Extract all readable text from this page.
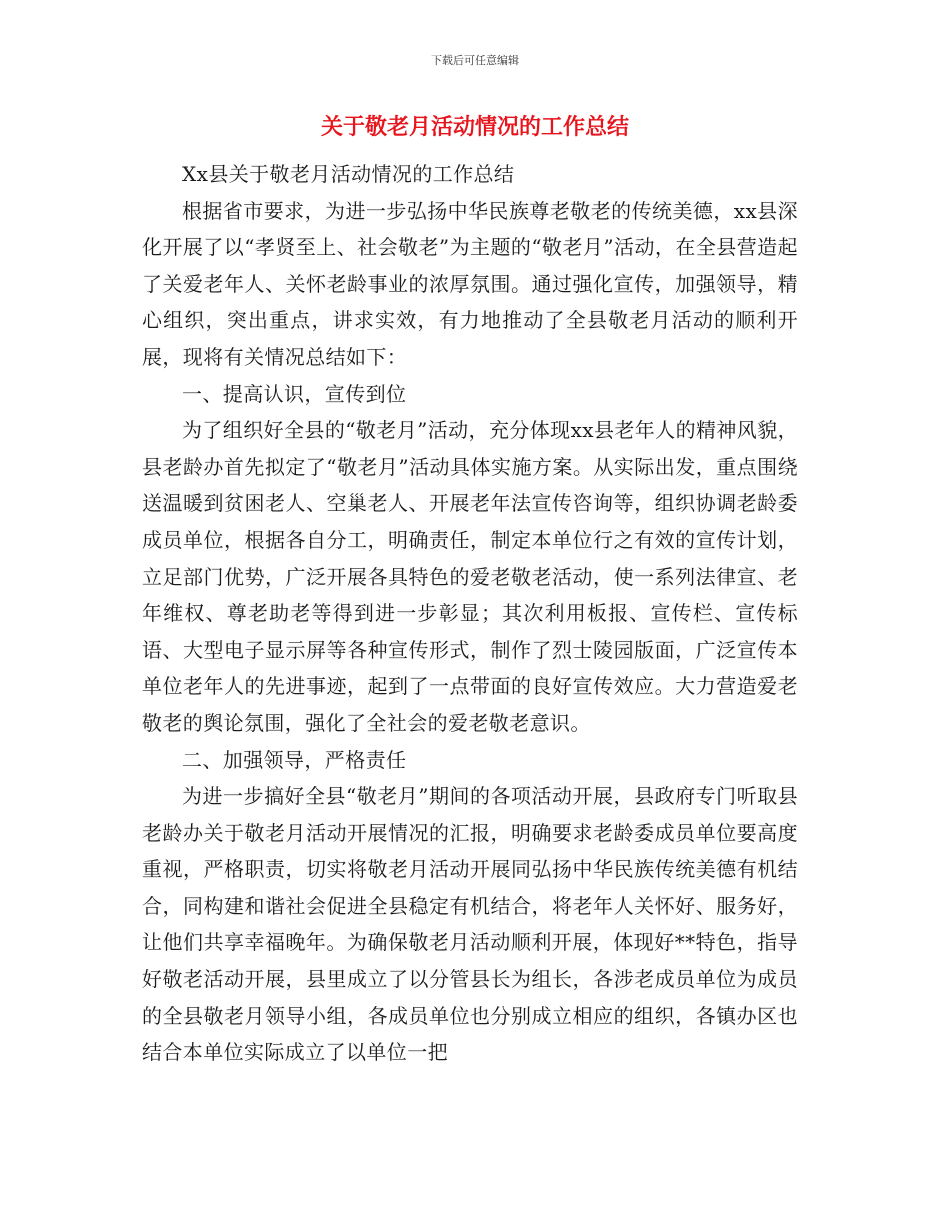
下载后可任意编辑
关于敬老月活动情况的工作总结

Xx县关于敬老月活动情况的工作总结

根据省市要求，为进一步弘扬中华民族尊老敬老的传统美德，xx县深化开展了以“孝贤至上、社会敬老”为主题的“敬老月”活动，在全县营造起了关爱老年人、关怀老龄事业的浓厚氛围。通过强化宣传，加强领导，精心组织，突出重点，讲求实效，有力地推动了全县敬老月活动的顺利开展，现将有关情况总结如下：

一、提高认识，宣传到位

为了组织好全县的“敬老月”活动，充分体现xx县老年人的精神风貌，县老龄办首先拟定了“敬老月”活动具体实施方案。从实际出发，重点围绕送温暖到贫困老人、空巢老人、开展老年法宣传咨询等，组织协调老龄委成员单位，根据各自分工，明确责任，制定本单位行之有效的宣传计划，立足部门优势，广泛开展各具特色的爱老敬老活动，使一系列法律宣、老年维权、尊老助老等得到进一步彰显；其次利用板报、宣传栏、宣传标语、大型电子显示屏等各种宣传形式，制作了烈士陵园版面，广泛宣传本单位老年人的先进事迹，起到了一点带面的良好宣传效应。大力营造爱老敬老的舆论氛围，强化了全社会的爱老敬老意识。

二、加强领导，严格责任

为进一步搞好全县“敬老月”期间的各项活动开展，县政府专门听取县老龄办关于敬老月活动开展情况的汇报，明确要求老龄委成员单位要高度重视，严格职责，切实将敬老月活动开展同弘扬中华民族传统美德有机结合，同构建和谐社会促进全县稳定有机结合，将老年人关怀好、服务好，让他们共享幸福晚年。为确保敬老月活动顺利开展，体现好**特色，指导好敬老活动开展，县里成立了以分管县长为组长，各涉老成员单位为成员的全县敬老月领导小组，各成员单位也分别成立相应的组织，各镇办区也结合本单位实际成立了以单位一把
